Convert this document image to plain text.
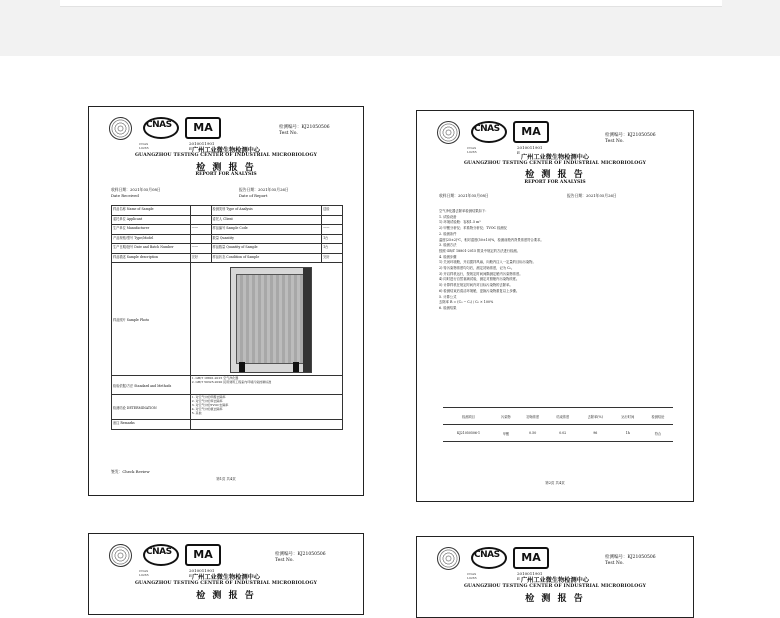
CNAS	MA
CNAS L0265
2010011901 E
检测编号：KJ21050506
Test No.
广州工业微生物检测中心
GUANGZHOU TESTING CENTER OF INDUSTRIAL MICROBIOLOGY
检 测 报 告
REPORT FOR ANALYSIS
收样日期：2021年05月08日
Date Received
报告日期：2021年05月26日
Date of Report
样品名称 Name of Sample		检测类别 Type of Analysis	送检
委托单位 Applicant		委托人 Client	
生产单位 Manufacturer	——	样品编号 Sample Code	——
产品规格/型号 Type/Model		数量 Quantity	1台
生产日期/批号 Date and Batch Number	——	样品数量 Quantity of Sample	1台
样品描述 Sample description	完好	样品状态 Condition of Sample	完好
样品照片 Sample Photo			

检验依据/方法 Standard and Methods	1. GB/T 18801-2015 空气净化器
2. GB/T 50325-2020 民用建筑工程室内环境污染控制标准		

检测结论 DETERMINATION	1. 对空气中的甲醛去除率
2. 对空气中的苯去除率
3. 对空气中的TVOC去除率
4. 对空气中的氨去除率
5. 其他		

备注 Remarks			
签发：Check Review
第1页 共4页
CNAS	MA
CNAS L0265
2010011901 E
检测编号：KJ21050506
Test No.
广州工业微生物检测中心
GUANGZHOU TESTING CENTER OF INDUSTRIAL MICROBIOLOGY
检 测 报 告
REPORT FOR ANALYSIS
收样日期：2021年05月08日	报告日期：2021年05月26日
空气净化器去除率检测结果如下：
1. 试验设备
1) 环境试验舱：容积1.5 m³
2) 甲醛分析仪；苯系物分析仪；TVOC 检测仪
2. 检测条件
温度(25±2)℃，相对湿度(50±10)%，检测前舱内背景浓度符合要求。
3. 检测方法
按照 GB/T 18801-2015 附录中规定的方法进行检测。
4. 检测步骤
1) 关闭环境舱，开启搅拌风扇，向舱内注入一定量的目标污染物。
2) 待污染物浓度均匀后，测定初始浓度，记为 C₀。
3) 开启样机运行，按规定时间间隔测定舱内污染物浓度。
4) 同时进行自然衰减试验，测定对照舱内污染物浓度。
5) 计算样机在规定时间内对目标污染物的去除率。
6) 检测结束后清洁环境舱，更换污染物重复以上步骤。
5. 计算公式
去除率 R = (C₀ − Cₜ) / C₀ × 100%
6. 检测结果
检测项目	污染物	初始浓度	结束浓度	去除率(%)	运行时间	检测结论
KJ21050506-1	甲醛	0.50	0.02	96	1h	符合
第2页 共4页
CNAS	MA
CNAS L0265
2010011901 E
检测编号：KJ21050506
Test No.
广州工业微生物检测中心
GUANGZHOU TESTING CENTER OF INDUSTRIAL MICROBIOLOGY
检 测 报 告
CNAS	MA
CNAS L0265
2010011901 E
检测编号：KJ21050506
Test No.
广州工业微生物检测中心
GUANGZHOU TESTING CENTER OF INDUSTRIAL MICROBIOLOGY
检 测 报 告
